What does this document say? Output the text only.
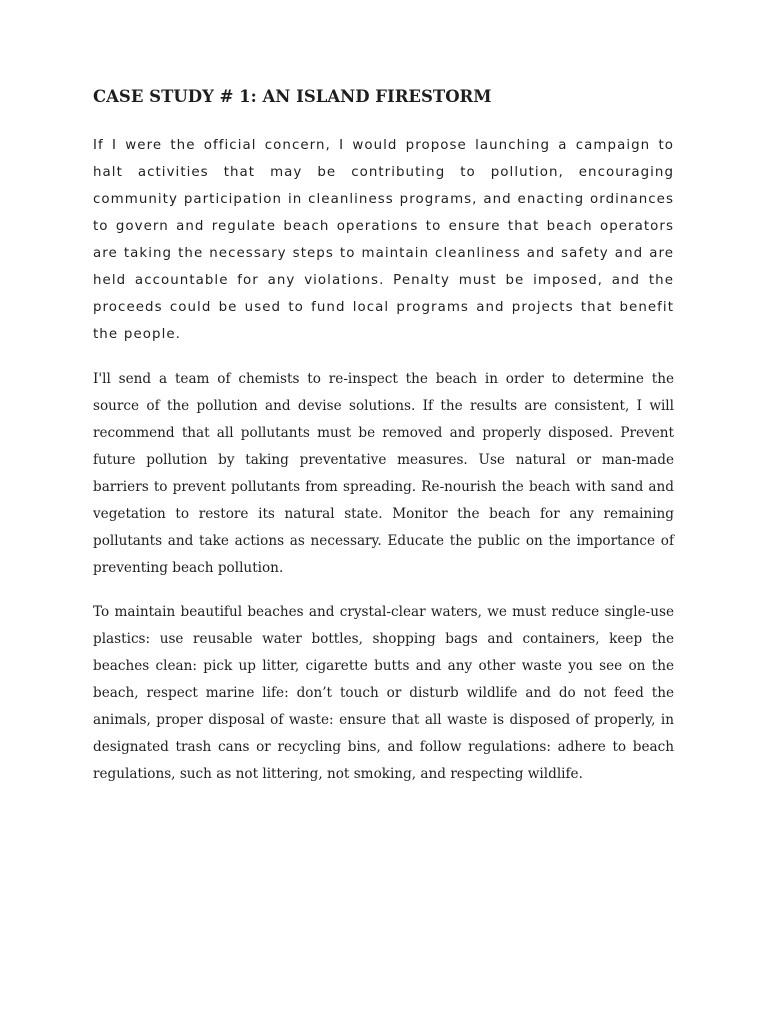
CASE STUDY # 1: AN ISLAND FIRESTORM

If I were the official concern, I would propose launching a campaign to halt activities that may be contributing to pollution, encouraging community participation in cleanliness programs, and enacting ordinances to govern and regulate beach operations to ensure that beach operators are taking the necessary steps to maintain cleanliness and safety and are held accountable for any violations. Penalty must be imposed, and the proceeds could be used to fund local programs and projects that benefit the people.

I'll send a team of chemists to re-inspect the beach in order to determine the source of the pollution and devise solutions. If the results are consistent, I will recommend that all pollutants must be removed and properly disposed. Prevent future pollution by taking preventative measures. Use natural or man-made barriers to prevent pollutants from spreading. Re-nourish the beach with sand and vegetation to restore its natural state. Monitor the beach for any remaining pollutants and take actions as necessary. Educate the public on the importance of preventing beach pollution.

To maintain beautiful beaches and crystal-clear waters, we must reduce single-use plastics: use reusable water bottles, shopping bags and containers, keep the beaches clean: pick up litter, cigarette butts and any other waste you see on the beach, respect marine life: don’t touch or disturb wildlife and do not feed the animals, proper disposal of waste: ensure that all waste is disposed of properly, in designated trash cans or recycling bins, and follow regulations: adhere to beach regulations, such as not littering, not smoking, and respecting wildlife.
